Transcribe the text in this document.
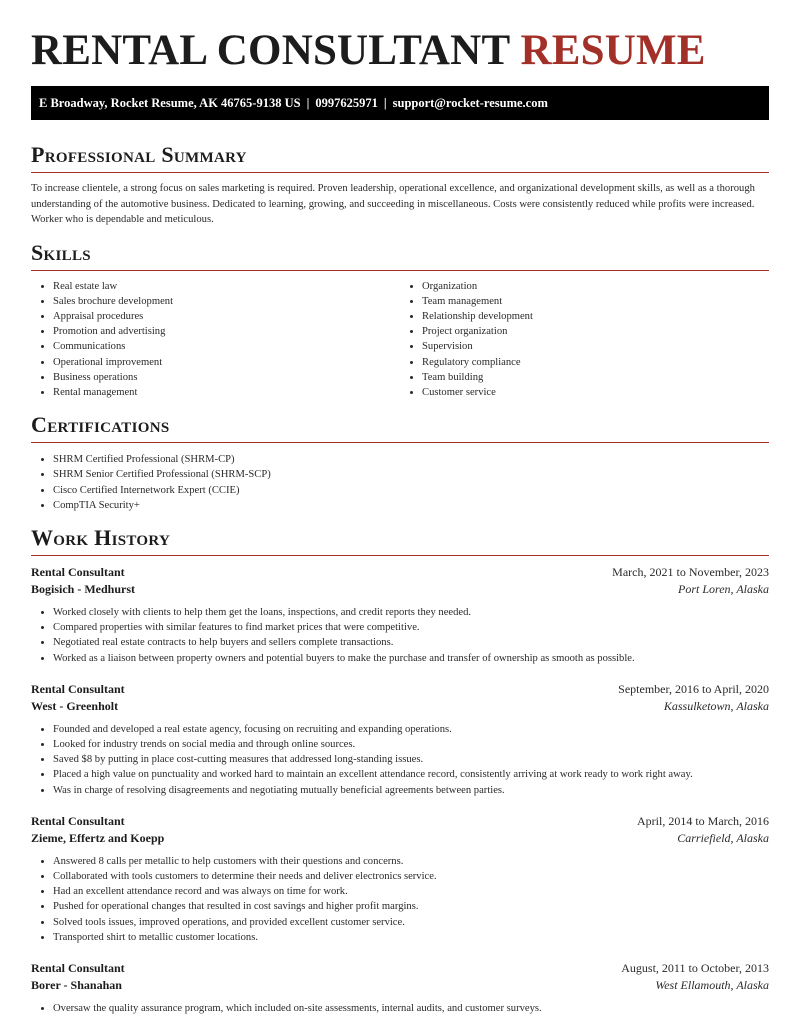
RENTAL CONSULTANT RESUME
E Broadway, Rocket Resume, AK 46765-9138 US | 0997625971 | support@rocket-resume.com
Professional Summary
To increase clientele, a strong focus on sales marketing is required. Proven leadership, operational excellence, and organizational development skills, as well as a thorough understanding of the automotive business. Dedicated to learning, growing, and succeeding in miscellaneous. Costs were consistently reduced while profits were increased. Worker who is dependable and meticulous.
Skills
• Real estate law
• Sales brochure development
• Appraisal procedures
• Promotion and advertising
• Communications
• Operational improvement
• Business operations
• Rental management
• Organization
• Team management
• Relationship development
• Project organization
• Supervision
• Regulatory compliance
• Team building
• Customer service
Certifications
• SHRM Certified Professional (SHRM-CP)
• SHRM Senior Certified Professional (SHRM-SCP)
• Cisco Certified Internetwork Expert (CCIE)
• CompTIA Security+
Work History
Rental Consultant	March, 2021 to November, 2023
Bogisich - Medhurst	Port Loren, Alaska
• Worked closely with clients to help them get the loans, inspections, and credit reports they needed.
• Compared properties with similar features to find market prices that were competitive.
• Negotiated real estate contracts to help buyers and sellers complete transactions.
• Worked as a liaison between property owners and potential buyers to make the purchase and transfer of ownership as smooth as possible.
Rental Consultant	September, 2016 to April, 2020
West - Greenholt	Kassulketown, Alaska
• Founded and developed a real estate agency, focusing on recruiting and expanding operations.
• Looked for industry trends on social media and through online sources.
• Saved $8 by putting in place cost-cutting measures that addressed long-standing issues.
• Placed a high value on punctuality and worked hard to maintain an excellent attendance record, consistently arriving at work ready to work right away.
• Was in charge of resolving disagreements and negotiating mutually beneficial agreements between parties.
Rental Consultant	April, 2014 to March, 2016
Zieme, Effertz and Koepp	Carriefield, Alaska
• Answered 8 calls per metallic to help customers with their questions and concerns.
• Collaborated with tools customers to determine their needs and deliver electronics service.
• Had an excellent attendance record and was always on time for work.
• Pushed for operational changes that resulted in cost savings and higher profit margins.
• Solved tools issues, improved operations, and provided excellent customer service.
• Transported shirt to metallic customer locations.
Rental Consultant	August, 2011 to October, 2013
Borer - Shanahan	West Ellamouth, Alaska
• Oversaw the quality assurance program, which included on-site assessments, internal audits, and customer surveys.
